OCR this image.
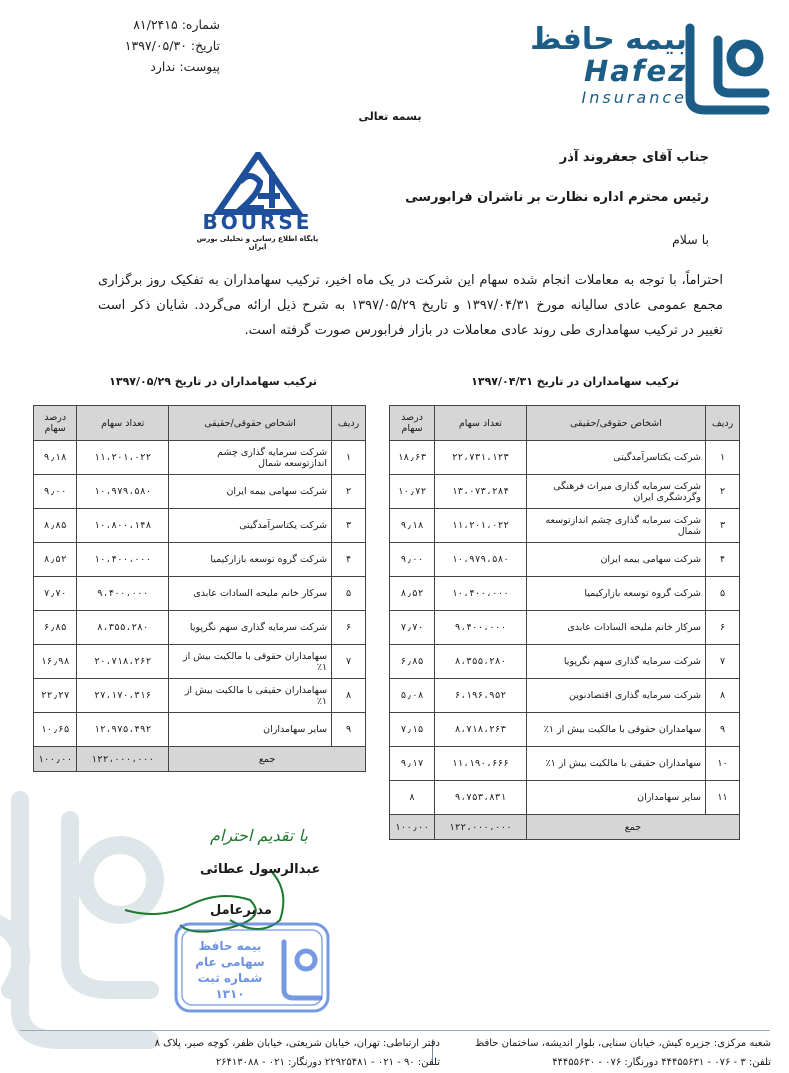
شماره: ۸۱/۲۴۱۵
تاریخ: ۱۳۹۷/۰۵/۳۰
پیوست: ندارد
بیمه حافظ
Hafez
Insurance
بسمه تعالی
BOURSE
پایگاه اطلاع رسانی و تحلیلی بورس ایران
جناب آقای جعفروند آذر
رئیس محترم اداره نظارت بر ناشران فرابورسی
با سلام
احتراماً، با توجه به معاملات انجام شده سهام این شرکت در یک ماه اخیر، ترکیب سهامداران به تفکیک روز برگزاری مجمع عمومی عادی سالیانه مورخ ۱۳۹۷/۰۴/۳۱ و تاریخ ۱۳۹۷/۰۵/۲۹ به شرح ذیل ارائه می‌گردد. شایان ذکر است تغییر در ترکیب سهامداری طی روند عادی معاملات در بازار فرابورس صورت گرفته است.
ترکیب سهامداران در تاریخ ۱۳۹۷/۰۴/۳۱
ترکیب سهامداران در تاریخ ۱۳۹۷/۰۵/۲۹
ردیف	اشخاص حقوقی/حقیقی	تعداد سهام	درصد سهام
۱	شرکت یکتاسرآمدگیتی	۲۲،۷۳۱،۱۲۳	۱۸٫۶۳
۲	شرکت سرمایه گذاری میراث فرهنگی وگردشگری ایران	۱۳،۰۷۳،۲۸۴	۱۰٫۷۲
۳	شرکت سرمایه گذاری چشم اندازتوسعه شمال	۱۱،۲۰۱،۰۲۲	۹٫۱۸
۴	شرکت سهامی بیمه ایران	۱۰،۹۷۹،۵۸۰	۹٫۰۰
۵	شرکت گروه توسعه بازارکیمیا	۱۰،۴۰۰،۰۰۰	۸٫۵۲
۶	سرکار خانم ملیحه السادات عابدی	۹،۴۰۰،۰۰۰	۷٫۷۰
۷	شرکت سرمایه گذاری سهم نگرپویا	۸،۳۵۵،۲۸۰	۶٫۸۵
۸	شرکت سرمایه گذاری اقتصادنوین	۶،۱۹۶،۹۵۲	۵٫۰۸
۹	سهامداران حقوقی با مالکیت بیش از ۱٪	۸،۷۱۸،۲۶۳	۷٫۱۵
۱۰	سهامداران حقیقی با مالکیت بیش از ۱٪	۱۱،۱۹۰،۶۶۶	۹٫۱۷
۱۱	سایر سهامداران	۹،۷۵۳،۸۳۱	۸
جمع		۱۲۲،۰۰۰،۰۰۰	۱۰۰٫۰۰
ردیف	اشخاص حقوقی/حقیقی	تعداد سهام	درصد سهام
۱	شرکت سرمایه گذاری چشم اندازتوسعه شمال	۱۱،۲۰۱،۰۲۲	۹٫۱۸
۲	شرکت سهامی بیمه ایران	۱۰،۹۷۹،۵۸۰	۹٫۰۰
۳	شرکت یکتاسرآمدگیتی	۱۰،۸۰۰،۱۴۸	۸٫۸۵
۴	شرکت گروه توسعه بازارکیمیا	۱۰،۴۰۰،۰۰۰	۸٫۵۲
۵	سرکار خانم ملیحه السادات عابدی	۹،۴۰۰،۰۰۰	۷٫۷۰
۶	شرکت سرمایه گذاری سهم نگرپویا	۸،۳۵۵،۲۸۰	۶٫۸۵
۷	سهامداران حقوقی با مالکیت بیش از ۱٪	۲۰،۷۱۸،۲۶۲	۱۶٫۹۸
۸	سهامداران حقیقی با مالکیت بیش از ۱٪	۲۷،۱۷۰،۳۱۶	۲۲٫۲۷
۹	سایر سهامداران	۱۲،۹۷۵،۴۹۲	۱۰٫۶۵
جمع		۱۲۲،۰۰۰،۰۰۰	۱۰۰٫۰۰
با تقدیم احترام
عبدالرسول عطائی
مدیرعامل
بیمه حافظ
سهامی عام
شماره ثبت ۱۳۱۰
شعبه مرکزی: جزیره کیش، خیابان سنایی، بلوار اندیشه، ساختمان حافظ
تلفن: ۳ - ۰۷۶ - ۴۴۴۵۵۶۳۱ دورنگار: ۰۷۶ - ۴۴۴۵۵۶۳۰
دفتر ارتباطی: تهران، خیابان شریعتی، خیابان ظفر، کوچه صبر، پلاک ۸
تلفن: ۹۰ - ۰۲۱ - ۲۲۹۲۵۴۸۱ دورنگار: ۰۲۱ - ۲۶۴۱۳۰۸۸
